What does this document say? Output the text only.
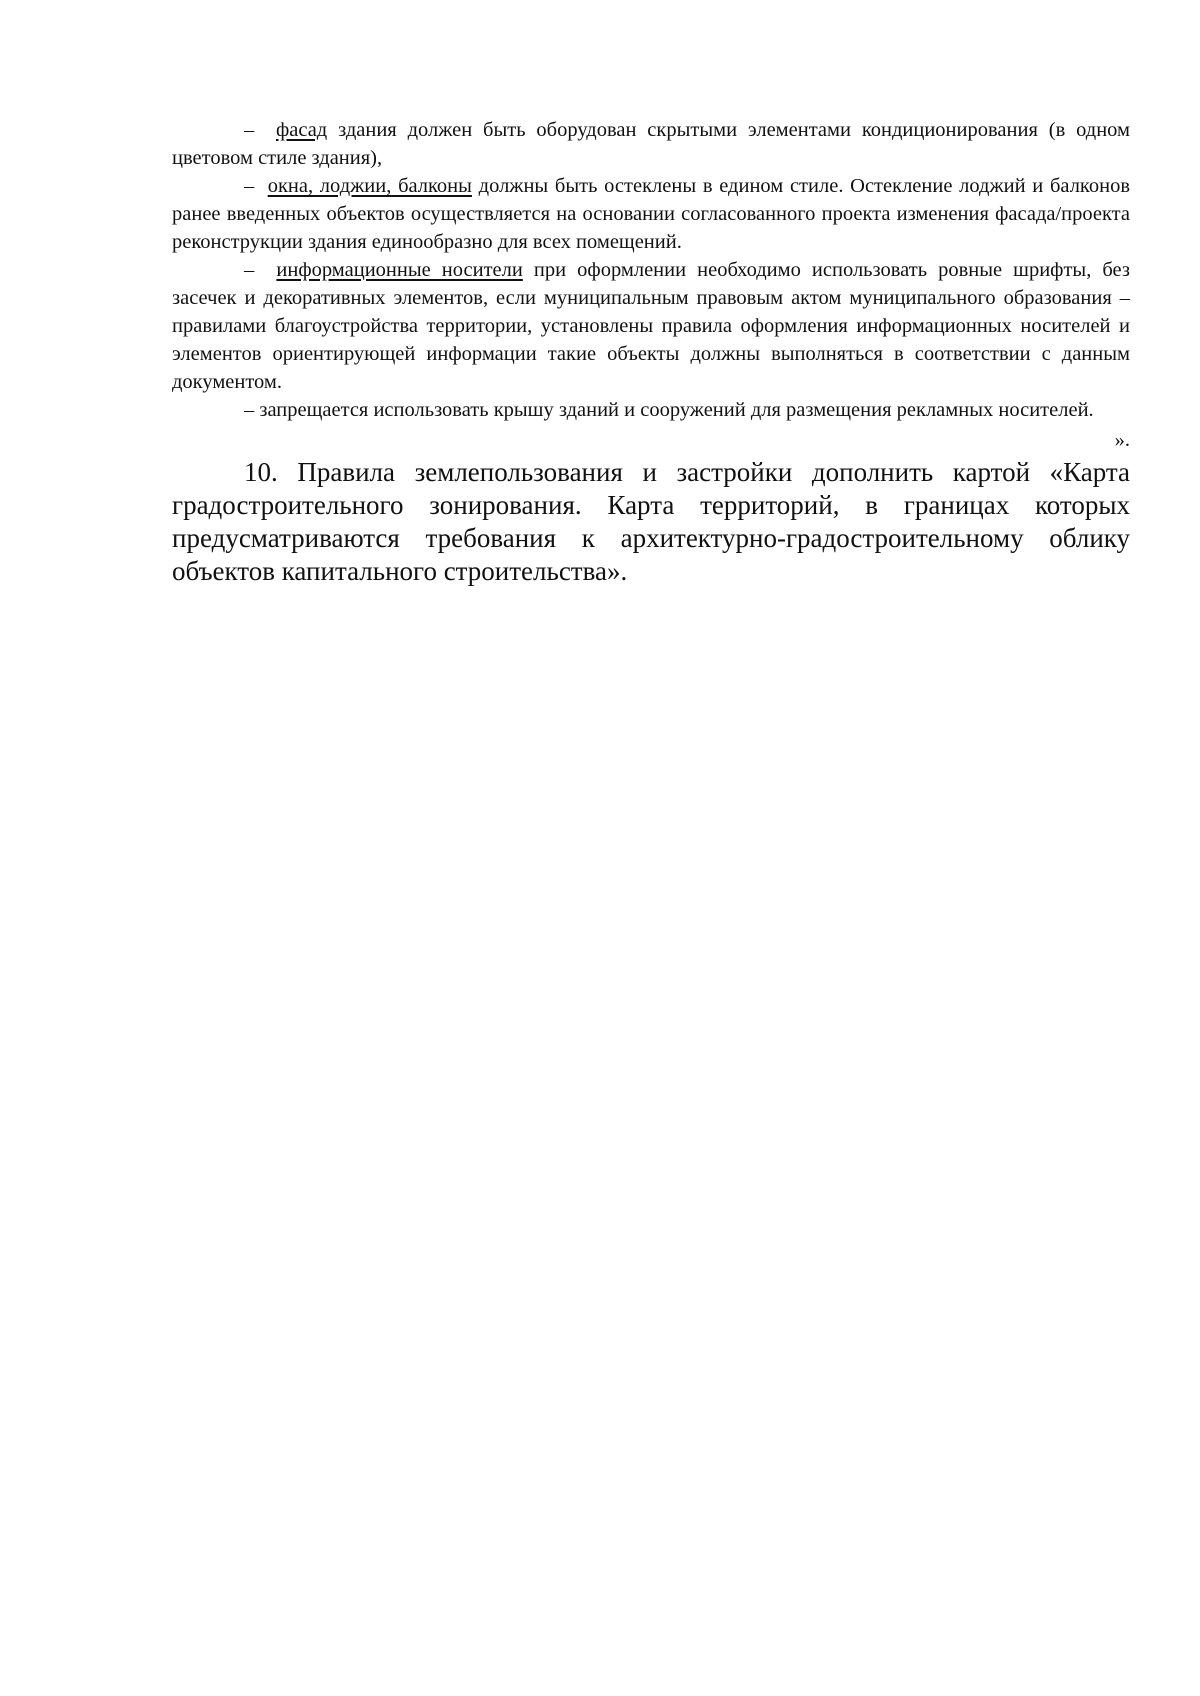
– фасад здания должен быть оборудован скрытыми элементами кондиционирования (в одном цветовом стиле здания),

– окна, лоджии, балконы должны быть остеклены в едином стиле. Остекление лоджий и балконов ранее введенных объектов осуществляется на основании согласованного проекта изменения фасада/проекта реконструкции здания единообразно для всех помещений.

– информационные носители при оформлении необходимо использовать ровные шрифты, без засечек и декоративных элементов, если муниципальным правовым актом муниципального образования – правилами благоустройства территории, установлены правила оформления информационных носителей и элементов ориентирующей информации такие объекты должны выполняться в соответствии с данным документом.

– запрещается использовать крышу зданий и сооружений для размещения рекламных носителей.

».

10. Правила землепользования и застройки дополнить картой «Карта градостроительного зонирования. Карта территорий, в границах которых предусматриваются требования к архитектурно-градостроительному облику объектов капитального строительства».
